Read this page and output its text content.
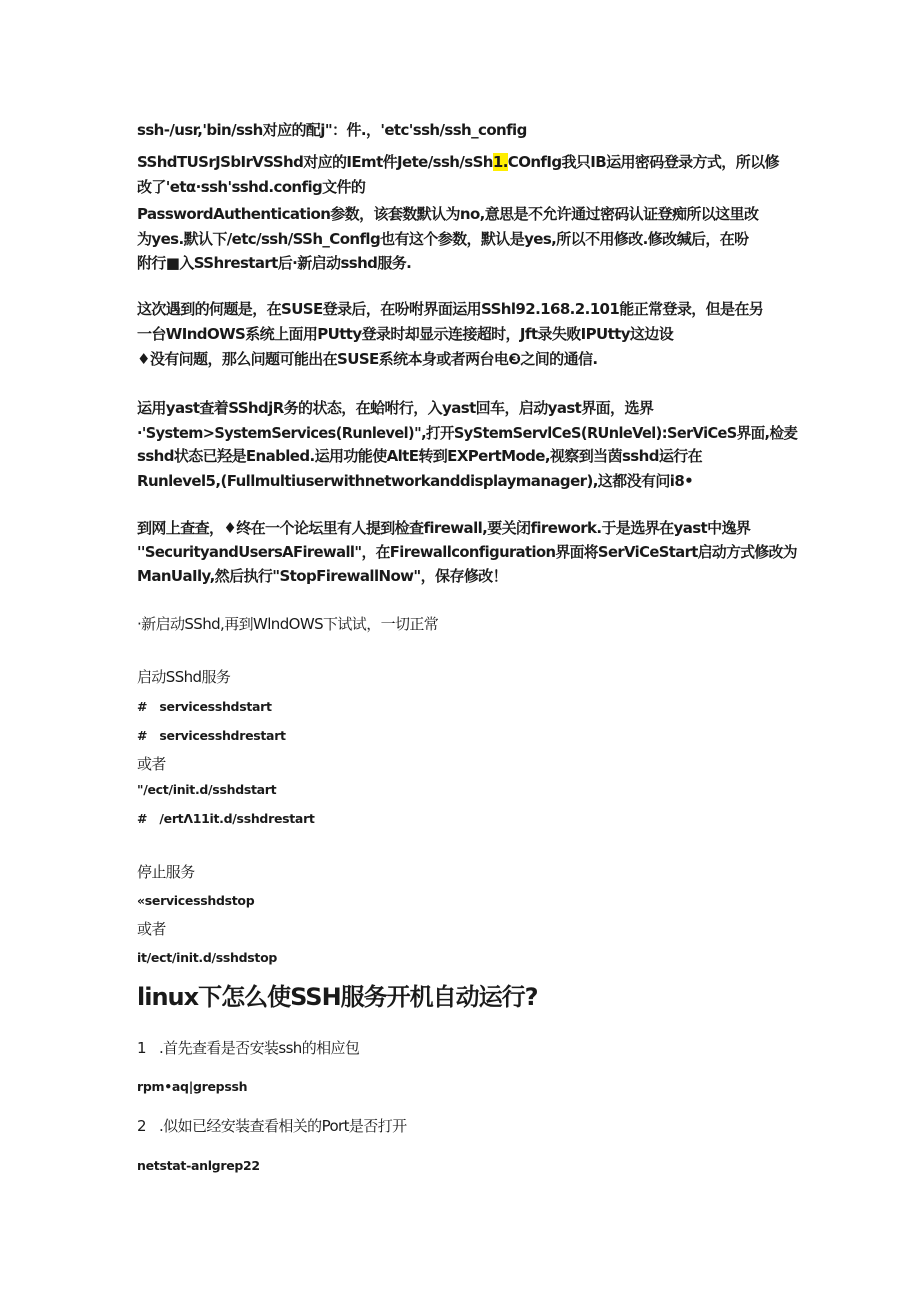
ssh-/usr,'bin/ssh对应的配j"：件.，'etc'ssh/ssh_config
SShdTUSrJSbIrVSShd对应的IEmt件Jete/ssh/sSh1.COnfIg我只IB运用密码登录方式，所以修
改了'etα·ssh'sshd.config文件的
PasswordAuthentication参数，该套数默认为no,意思是不允许通过密码认证登痴所以这里改
为yes.默认下/etc/ssh/SSh_Conflg也有这个参数，默认是yes,所以不用修改.修改缄后，在吩
附行■入SShrestart后·新启动sshd服务.
这次遇到的何题是，在SUSE登录后，在吩咐界面运用SShl92.168.2.101能正常登录，但是在另
一台WIndOWS系统上面用PUtty登录时却显示连接超时，Jft录失败IPUtty这边设
♦没有问题，那么问题可能出在SUSE系统本身或者两台电❸之间的通信.
运用yast查着SShdjR务的状态，在蛤咐行，入yast回车，启动yast界面，选界
·'System>SystemServices(Runlevel)",打开SyStemServlCeS(RUnleVel):SerViCeS界面,检麦
sshd状态已羟是Enabled.运用功能使AltE转到EXPertMode,视察到当茵sshd运行在
Runlevel5,(Fullmultiuserwithnetworkanddisplaymanager),这都没有问i8•
到网上查查，♦终在一个论坛里有人提到检查firewall,要关闭firework.于是选界在yast中逸界
''SecurityandUsersAFirewall"，在Firewallconfiguration界面将SerViCeStart启动方式修改为
ManUaIly,然后执行"StopFirewallNow"，保存修改！
·新启动SShd,再到WlndOWS下试试，一切正常
启动SShd服务
#　servicesshdstart
#　servicesshdrestart
或者
"/ect/init.d/sshdstart
#　/ertΛ11it.d/sshdrestart
停止服务
«servicesshdstop
或者
it/ect/init.d/sshdstop
linux下怎么使SSH服务开机自动运行?
1 .首先查看是否安装ssh的相应包
rpm•aq|grepssh
2 .似如已经安装查看相关的Port是否打开
netstat-anlgrep22
